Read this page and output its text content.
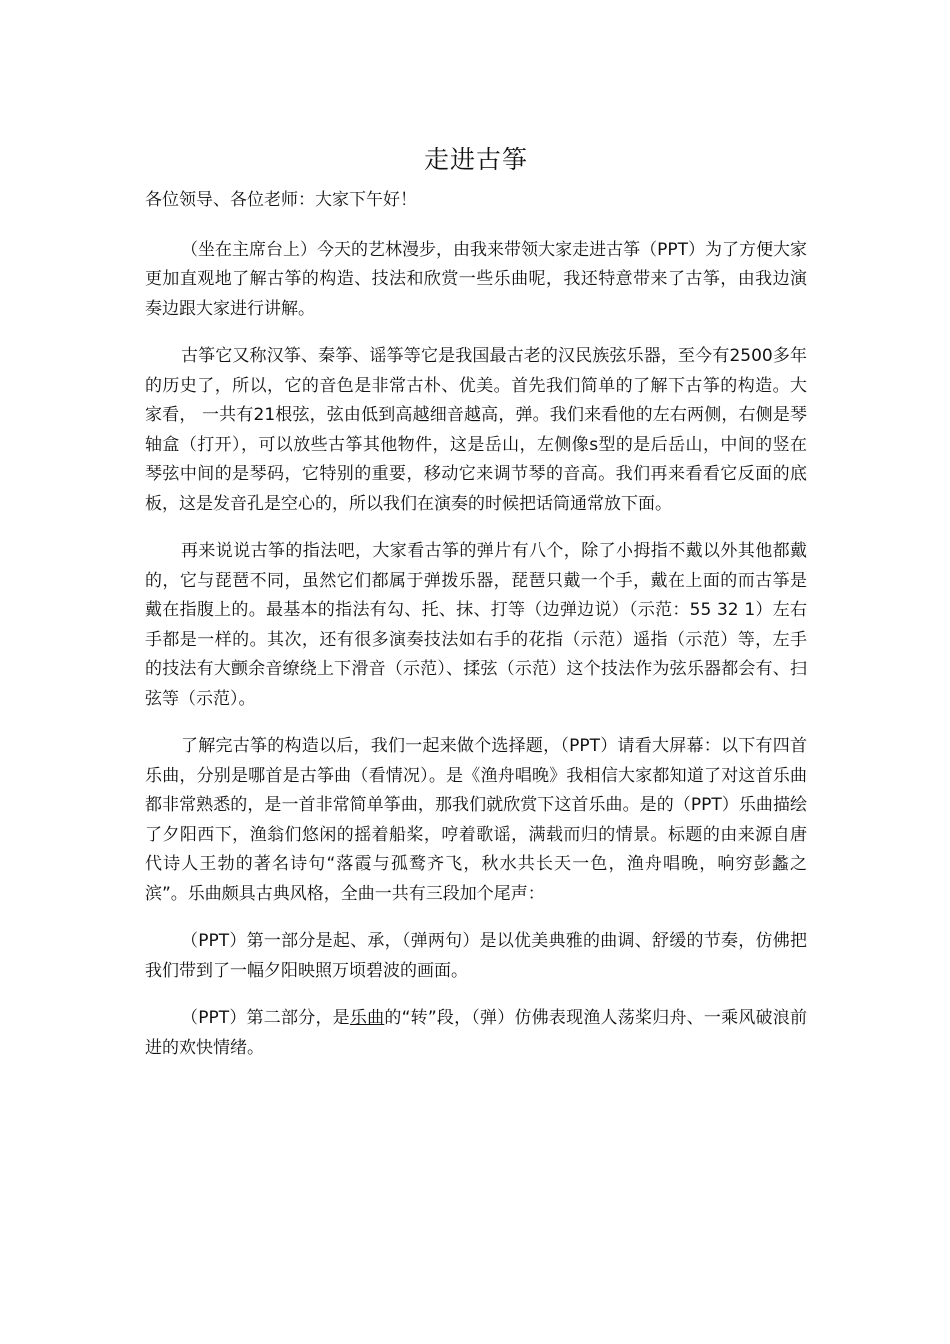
走进古筝

各位领导、各位老师：大家下午好！

（坐在主席台上）今天的艺林漫步，由我来带领大家走进古筝（PPT）为了方便大家更加直观地了解古筝的构造、技法和欣赏一些乐曲呢，我还特意带来了古筝，由我边演奏边跟大家进行讲解。

古筝它又称汉筝、秦筝、谣筝等它是我国最古老的汉民族弦乐器，至今有2500多年的历史了，所以，它的音色是非常古朴、优美。首先我们简单的了解下古筝的构造。大家看， 一共有21根弦，弦由低到高越细音越高，弹。我们来看他的左右两侧，右侧是琴轴盒（打开），可以放些古筝其他物件，这是岳山，左侧像s型的是后岳山，中间的竖在琴弦中间的是琴码，它特别的重要，移动它来调节琴的音高。我们再来看看它反面的底板，这是发音孔是空心的，所以我们在演奏的时候把话筒通常放下面。

再来说说古筝的指法吧，大家看古筝的弹片有八个，除了小拇指不戴以外其他都戴的，它与琵琶不同，虽然它们都属于弹拨乐器，琵琶只戴一个手，戴在上面的而古筝是戴在指腹上的。最基本的指法有勾、托、抹、打等（边弹边说）（示范：55 32 1）左右手都是一样的。其次，还有很多演奏技法如右手的花指（示范）遥指（示范）等，左手的技法有大颤余音缭绕上下滑音（示范）、揉弦（示范）这个技法作为弦乐器都会有、扫弦等（示范）。

了解完古筝的构造以后，我们一起来做个选择题，（PPT）请看大屏幕：以下有四首乐曲，分别是哪首是古筝曲（看情况）。是《渔舟唱晚》我相信大家都知道了对这首乐曲都非常熟悉的，是一首非常简单筝曲，那我们就欣赏下这首乐曲。是的（PPT）乐曲描绘了夕阳西下，渔翁们悠闲的摇着船桨，哼着歌谣，满载而归的情景。标题的由来源自唐代诗人王勃的著名诗句“落霞与孤鹜齐飞，秋水共长天一色，渔舟唱晚，响穷彭蠡之滨”。乐曲颇具古典风格，全曲一共有三段加个尾声：

（PPT）第一部分是起、承，（弹两句）是以优美典雅的曲调、舒缓的节奏，仿佛把我们带到了一幅夕阳映照万顷碧波的画面。

（PPT）第二部分，是乐曲的“转”段，（弹）仿佛表现渔人荡桨归舟、一乘风破浪前进的欢快情绪。
